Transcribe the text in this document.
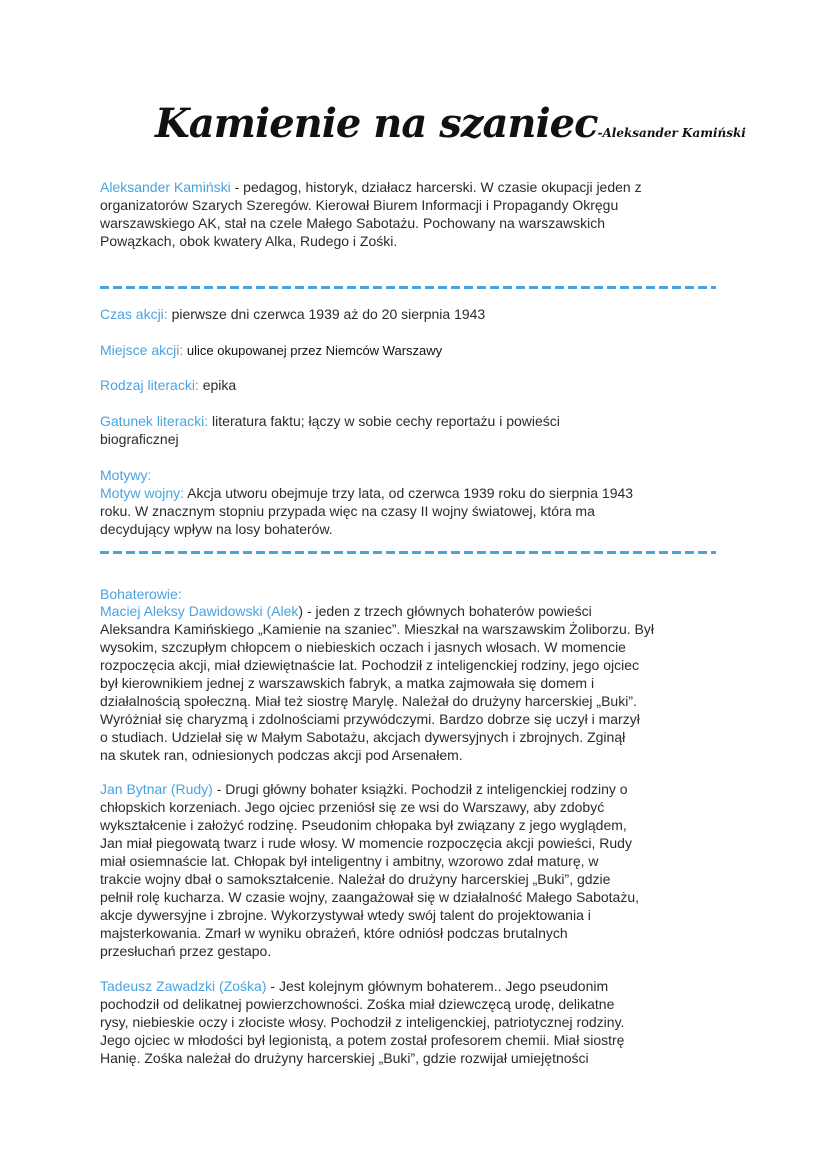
Kamienie na szaniec-Aleksander Kamiński
Aleksander Kamiński - pedagog, historyk, działacz harcerski. W czasie okupacji jeden z
organizatorów Szarych Szeregów. Kierował Biurem Informacji i Propagandy Okręgu
warszawskiego AK, stał na czele Małego Sabotażu. Pochowany na warszawskich
Powązkach, obok kwatery Alka, Rudego i Zośki.
Czas akcji: pierwsze dni czerwca 1939 aż do 20 sierpnia 1943
Miejsce akcji: ulice okupowanej przez Niemców Warszawy
Rodzaj literacki: epika
Gatunek literacki: literatura faktu; łączy w sobie cechy reportażu i powieści
biograficznej
Motywy:
Motyw wojny: Akcja utworu obejmuje trzy lata, od czerwca 1939 roku do sierpnia 1943
roku. W znacznym stopniu przypada więc na czasy II wojny światowej, która ma
decydujący wpływ na losy bohaterów.
Bohaterowie:
Maciej Aleksy Dawidowski (Alek) - jeden z trzech głównych bohaterów powieści
Aleksandra Kamińskiego „Kamienie na szaniec”. Mieszkał na warszawskim Żoliborzu. Był
wysokim, szczupłym chłopcem o niebieskich oczach i jasnych włosach. W momencie
rozpoczęcia akcji, miał dziewiętnaście lat. Pochodził z inteligenckiej rodziny, jego ojciec
był kierownikiem jednej z warszawskich fabryk, a matka zajmowała się domem i
działalnością społeczną. Miał też siostrę Marylę. Należał do drużyny harcerskiej „Buki”.
Wyróżniał się charyzmą i zdolnościami przywódczymi. Bardzo dobrze się uczył i marzył
o studiach. Udzielał się w Małym Sabotażu, akcjach dywersyjnych i zbrojnych. Zginął
na skutek ran, odniesionych podczas akcji pod Arsenałem.
Jan Bytnar (Rudy) - Drugi główny bohater książki. Pochodził z inteligenckiej rodziny o
chłopskich korzeniach. Jego ojciec przeniósł się ze wsi do Warszawy, aby zdobyć
wykształcenie i założyć rodzinę. Pseudonim chłopaka był związany z jego wyglądem,
Jan miał piegowatą twarz i rude włosy. W momencie rozpoczęcia akcji powieści, Rudy
miał osiemnaście lat. Chłopak był inteligentny i ambitny, wzorowo zdał maturę, w
trakcie wojny dbał o samokształcenie. Należał do drużyny harcerskiej „Buki”, gdzie
pełnił rolę kucharza. W czasie wojny, zaangażował się w działalność Małego Sabotażu,
akcje dywersyjne i zbrojne. Wykorzystywał wtedy swój talent do projektowania i
majsterkowania. Zmarł w wyniku obrażeń, które odniósł podczas brutalnych
przesłuchań przez gestapo.
Tadeusz Zawadzki (Zośka) - Jest kolejnym głównym bohaterem.. Jego pseudonim
pochodził od delikatnej powierzchowności. Zośka miał dziewczęcą urodę, delikatne
rysy, niebieskie oczy i złociste włosy. Pochodził z inteligenckiej, patriotycznej rodziny.
Jego ojciec w młodości był legionistą, a potem został profesorem chemii. Miał siostrę
Hanię. Zośka należał do drużyny harcerskiej „Buki”, gdzie rozwijał umiejętności
